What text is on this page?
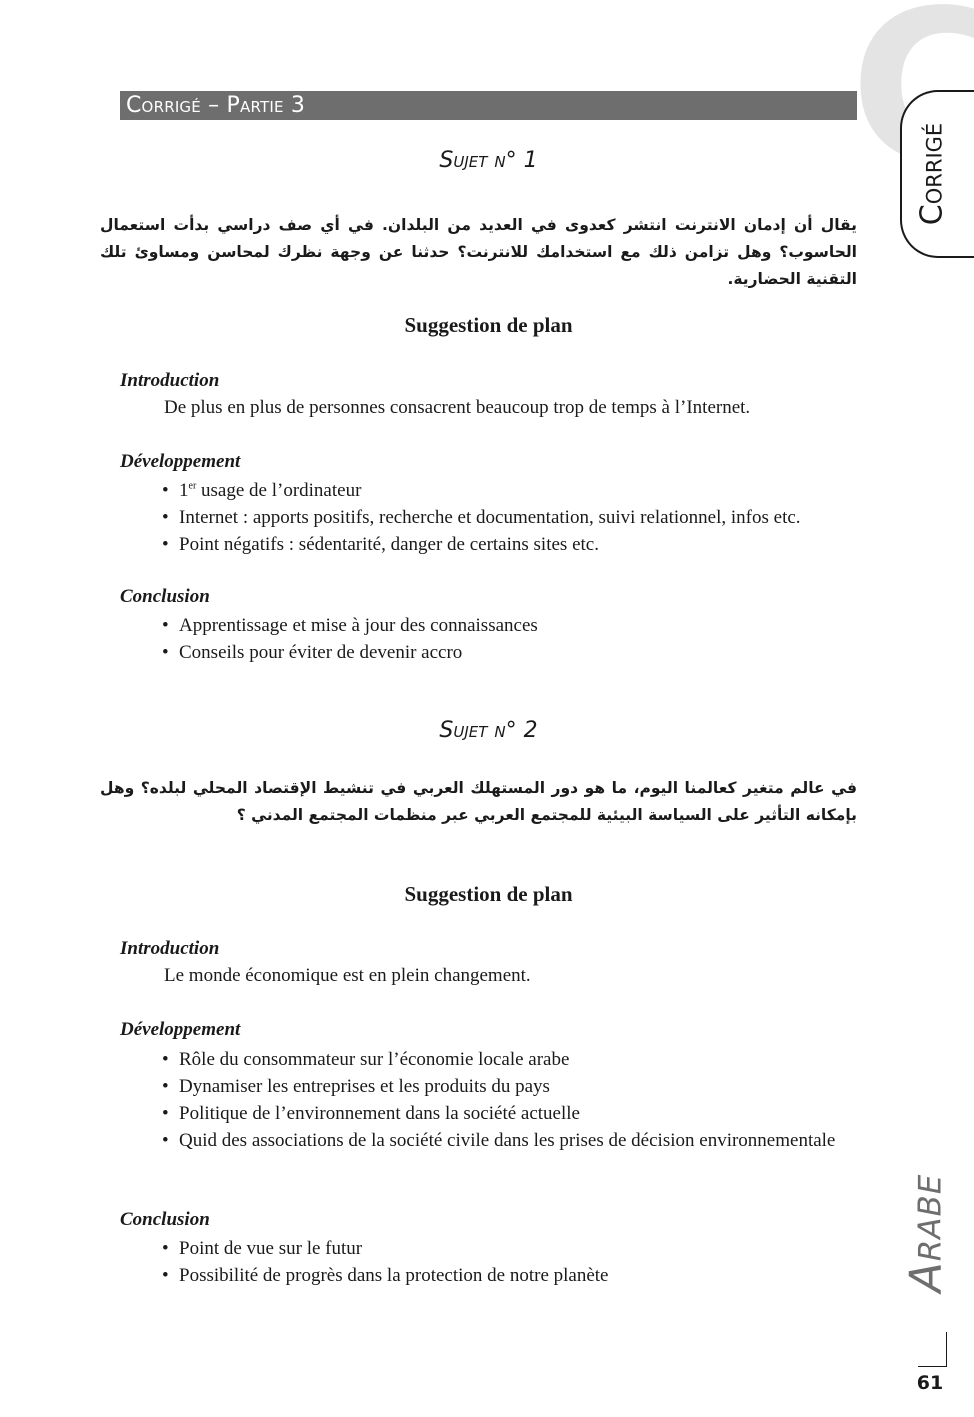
Corrigé
Arabe
61
Corrigé – Partie 3
Sujet n° 1
يقال أن إدمان الانترنت انتشر كعدوى في العديد من البلدان. في أي صف دراسي بدأت استعمال الحاسوب؟ وهل تزامن ذلك مع استخدامك للانترنت؟ حدثنا عن وجهة نظرك لمحاسن ومساوئ تلك التقنية الحضارية.
Suggestion de plan
Introduction
De plus en plus de personnes consacrent beaucoup trop de temps à l’Internet.
Développement
• 1er usage de l’ordinateur
• Internet : apports positifs, recherche et documentation, suivi relationnel, infos etc.
• Point négatifs : sédentarité, danger de certains sites etc.
Conclusion
• Apprentissage et mise à jour des connaissances
• Conseils pour éviter de devenir accro
Sujet n° 2
في عالم متغير كعالمنا اليوم، ما هو دور المستهلك العربي في تنشيط الإقتصاد المحلي لبلده؟ وهل بإمكانه التأثير على السياسة البيئية للمجتمع العربي عبر منظمات المجتمع المدني ؟
Suggestion de plan
Introduction
Le monde économique est en plein changement.
Développement
• Rôle du consommateur sur l’économie locale arabe
• Dynamiser les entreprises et les produits du pays
• Politique de l’environnement dans la société actuelle
• Quid des associations de la société civile dans les prises de décision environnementale
Conclusion
• Point de vue sur le futur
• Possibilité de progrès dans la protection de notre planète
